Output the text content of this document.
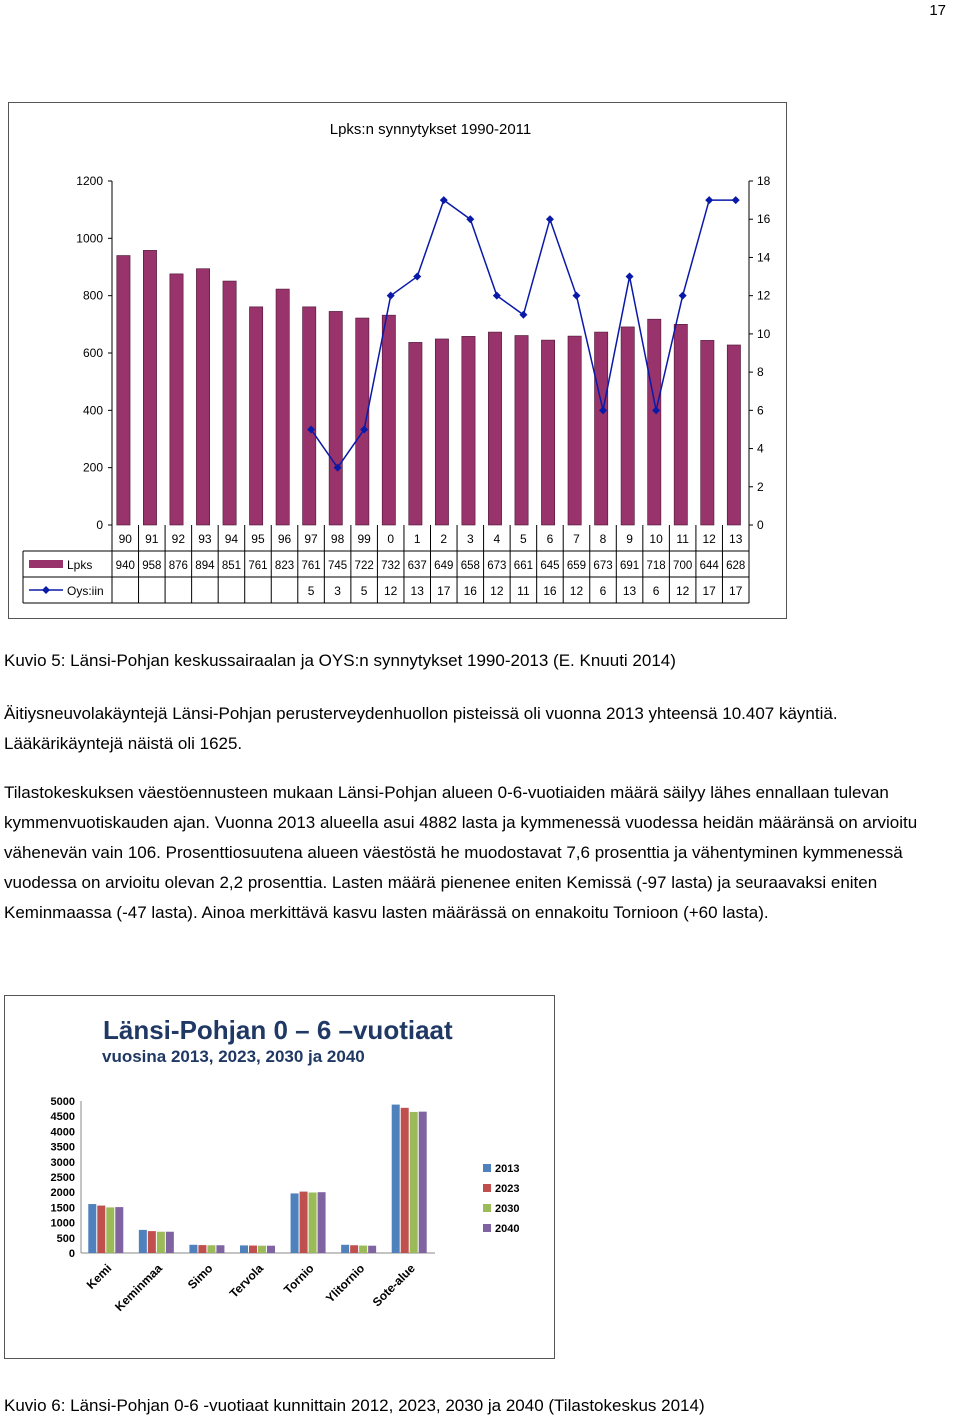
17
Lpks:n synnytykset 1990-2011
0
200
400
600
800
1000
1200
0
2
4
6
8
10
12
14
16
18
90 91 92 93 94 95 96 97 98 99 0 1 2 3 4 5 6 7 8 9 10 11 12 13
Lpks
Oys:iin
940 958 876 894 851 761 823 761 745 722 732 637 649 658 673 661 645 659 673 691 718 700 644 628
5 3 5 12 13 17 16 12 11 16 12 6 13 6 12 17 17

Kuvio 5: Länsi-Pohjan keskussairaalan ja OYS:n synnytykset 1990-2013 (E. Knuuti 2014)

Äitiysneuvolakäyntejä Länsi-Pohjan perusterveydenhuollon pisteissä oli vuonna 2013 yhteensä 10.407 käyntiä. Lääkärikäyntejä näistä oli 1625.

Tilastokeskuksen väestöennusteen mukaan Länsi-Pohjan alueen 0-6-vuotiaiden määrä säilyy lähes ennallaan tulevan kymmenvuotiskauden ajan. Vuonna 2013 alueella asui 4882 lasta ja kymmenessä vuodessa heidän määränsä on arvioitu vähenevän vain 106. Prosenttiosuutena alueen väestöstä he muodostavat 7,6 prosenttia ja vähentyminen kymmenessä vuodessa on arvioitu olevan 2,2 prosenttia. Lasten määrä pienenee eniten Kemissä (-97 lasta) ja seuraavaksi eniten Keminmaassa (-47 lasta). Ainoa merkittävä kasvu lasten määrässä on ennakoitu Tornioon (+60 lasta).

Länsi-Pohjan 0 – 6 –vuotiaat
vuosina 2013, 2023, 2030 ja 2040
0
500
1000
1500
2000
2500
3000
3500
4000
4500
5000
Kemi
Keminmaa Simo Tervola Tornio Ylitornio Sote-alue
2013
2023
2030
2040

Kuvio 6: Länsi-Pohjan 0-6 -vuotiaat kunnittain 2012, 2023, 2030 ja 2040 (Tilastokeskus 2014)
